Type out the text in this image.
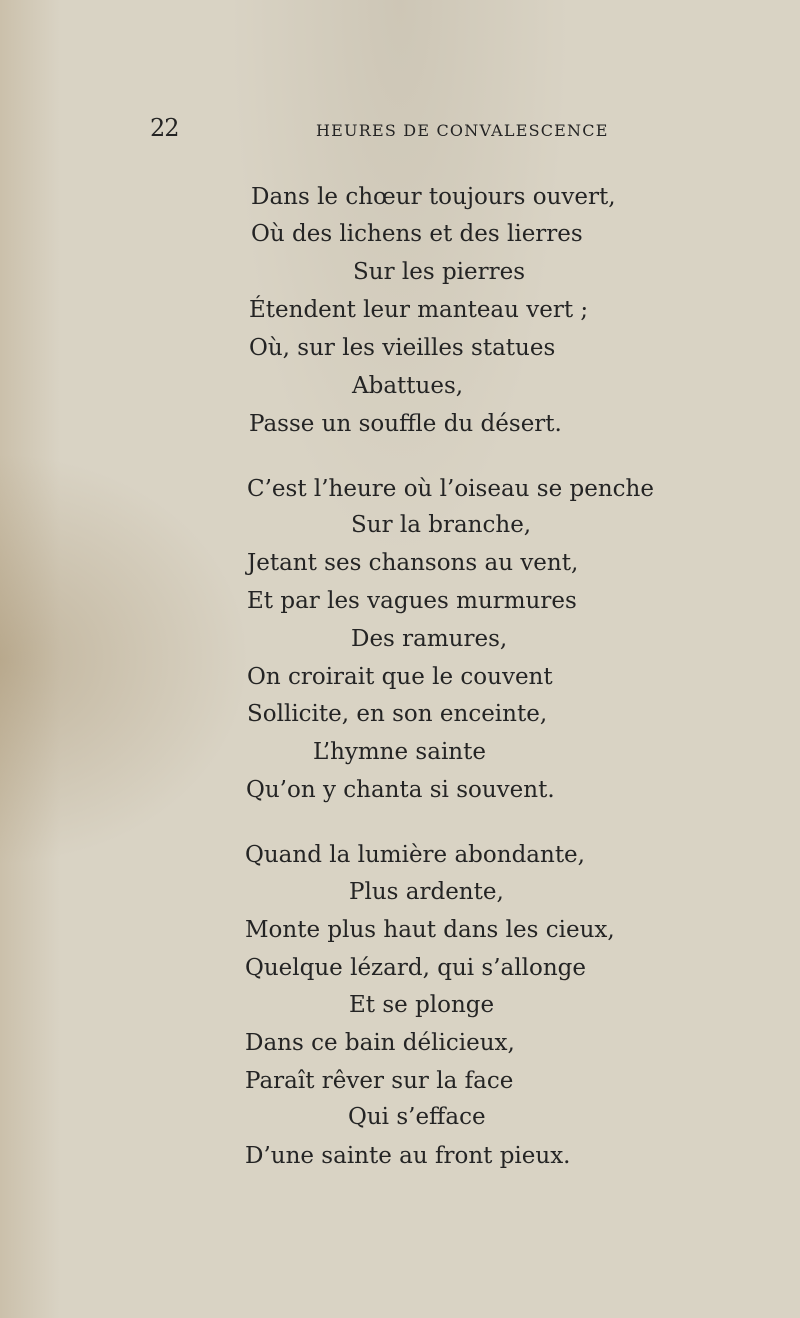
22	HEURES DE CONVALESCENCE
Dans le chœur toujours ouvert,
Où des lichens et des lierres
Sur les pierres
Étendent leur manteau vert ;
Où, sur les vieilles statues
Abattues,
Passe un souffle du désert.
C’est l’heure où l’oiseau se penche
Sur la branche,
Jetant ses chansons au vent,
Et par les vagues murmures
Des ramures,
On croirait que le couvent
Sollicite, en son enceinte,
L’hymne sainte
Qu’on y chanta si souvent.
Quand la lumière abondante,
Plus ardente,
Monte plus haut dans les cieux,
Quelque lézard, qui s’allonge
Et se plonge
Dans ce bain délicieux,
Paraît rêver sur la face
Qui s’efface
D’une sainte au front pieux.
